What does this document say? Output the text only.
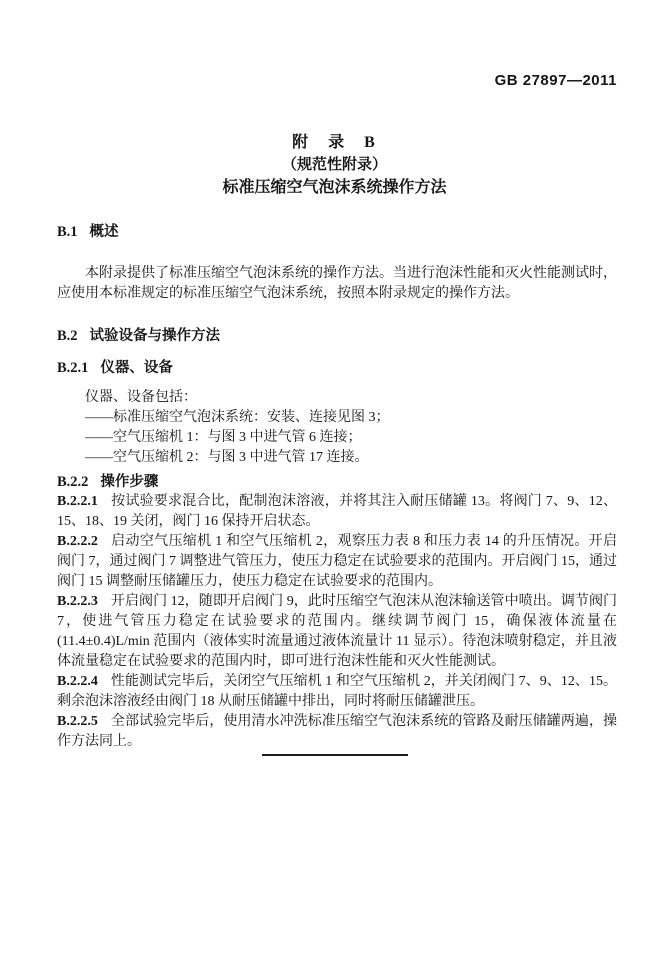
GB 27897—2011
附　录　B
（规范性附录）
标准压缩空气泡沫系统操作方法
B.1 概述

本附录提供了标准压缩空气泡沫系统的操作方法。当进行泡沫性能和灭火性能测试时，应使用本标准规定的标准压缩空气泡沫系统，按照本附录规定的操作方法。

B.2 试验设备与操作方法
B.2.1 仪器、设备

仪器、设备包括：

——标准压缩空气泡沫系统：安装、连接见图 3；

——空气压缩机 1：与图 3 中进气管 6 连接；

——空气压缩机 2：与图 3 中进气管 17 连接。

B.2.2 操作步骤

B.2.2.1 按试验要求混合比，配制泡沫溶液，并将其注入耐压储罐 13。将阀门 7、9、12、15、18、19 关闭，阀门 16 保持开启状态。

B.2.2.2 启动空气压缩机 1 和空气压缩机 2，观察压力表 8 和压力表 14 的升压情况。开启阀门 7，通过阀门 7 调整进气管压力，使压力稳定在试验要求的范围内。开启阀门 15，通过阀门 15 调整耐压储罐压力，使压力稳定在试验要求的范围内。

B.2.2.3 开启阀门 12，随即开启阀门 9，此时压缩空气泡沫从泡沫输送管中喷出。调节阀门 7，使进气管压力稳定在试验要求的范围内。继续调节阀门 15，确保液体流量在(11.4±0.4)L/min 范围内（液体实时流量通过液体流量计 11 显示）。待泡沫喷射稳定，并且液体流量稳定在试验要求的范围内时，即可进行泡沫性能和灭火性能测试。

B.2.2.4 性能测试完毕后，关闭空气压缩机 1 和空气压缩机 2，并关闭阀门 7、9、12、15。剩余泡沫溶液经由阀门 18 从耐压储罐中排出，同时将耐压储罐泄压。

B.2.2.5 全部试验完毕后，使用清水冲洗标准压缩空气泡沫系统的管路及耐压储罐两遍，操作方法同上。
